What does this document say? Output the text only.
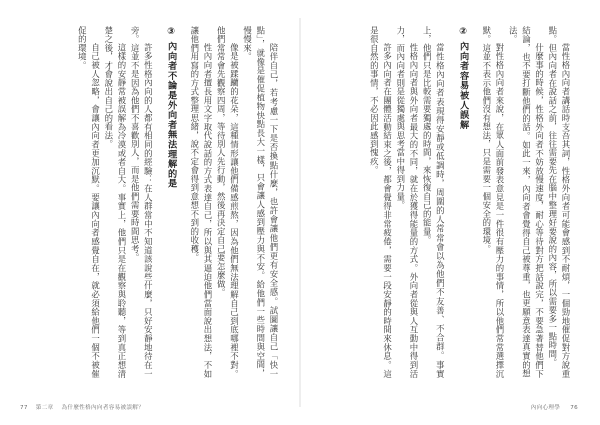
陪伴自己，若考慮一下是否換點什麼，也許會讓他們更有安全感。試圖讓自己「快一點」，就像是催促植物快點長大一樣，只會讓人感到壓力與不安。給他們一些時間與空間，慢慢來。

像是被蹂躪的花朵，這種情形讓他們備感煎熬，因為他們無法理解自己到底哪裡不對。他們常常會先觀察四周，等待別人先行動，然後再決定自己要怎麼做。

性內向者擅長用文字取代說話的方式表達自己，所以與其逼迫他們當面說出想法，不如讓他們用寫的方式整理思緒，說不定會得到意想不到的收穫。

③ 內向者不論是外向者無法理解的是

許多性格內向的人都有相同的經驗：在人群當中不知道該說些什麼，只好安靜地待在一旁。這並不是因為他們不喜歡別人，而是他們需要時間思考。

這樣的安靜常被誤解為冷漠或者自大。事實上，他們只是在觀察與聆聽，等到真正想清楚之後，才會說出自己的看法。

自己被人忽略，會讓內向者更加沉默。要讓內向者感覺自在，就必須給他們一個不被催促的環境。

77 第二章 為什麼性格內向者容易被誤解？

當性格內向者講話時支吾其詞，性格外向者可能會感到不耐煩，一個勁地催促對方說重點。但內向者在說話之前，往往需要先在腦中整理好要說的內容，所以需要多一點時間。

什麼事的時候，性格外向者不妨放慢速度，耐心等待對方把話說完，不要急著替他們下結論，也不要打斷他們的話。如此一來，內向者會覺得自己被尊重，也更願意表達真實的想法。

對性格內向者來說，在眾人面前發表意見是一件很有壓力的事情，所以他們常常選擇沉默。這並不表示他們沒有想法，只是需要一個安全的環境。

② 內向者容易被人誤解

當性格內向者表現得安靜或低調時，周圍的人常常會以為他們不友善、不合群。事實上，他們只是比較需要獨處的時間，來恢復自己的能量。

性格內向者與外向者最大的不同，就在於獲得能量的方式。外向者從與人互動中得到活力，而內向者則是從獨處與思考當中得到力量。

許多內向者在團體活動結束之後，都會覺得非常疲倦，需要一段安靜的時間來休息。這是很自然的事情，不必因此感到愧疚。

內向心理學 76
